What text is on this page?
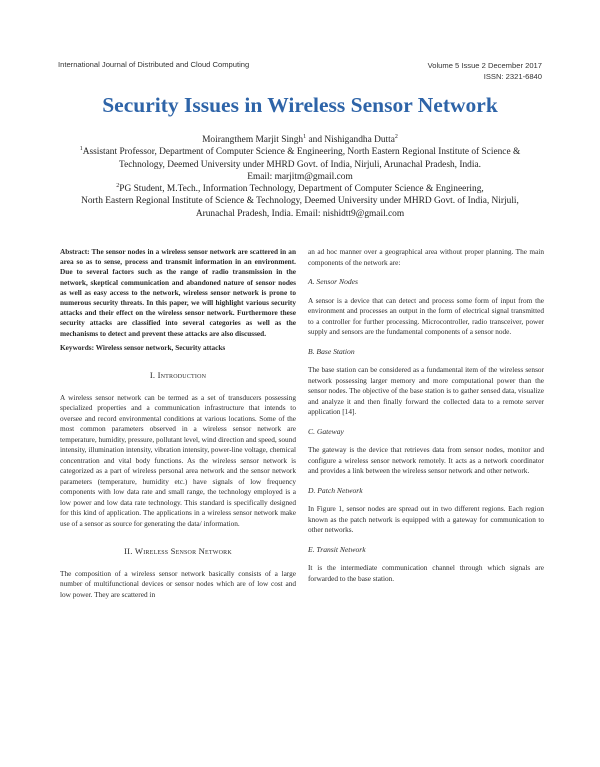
International Journal of Distributed and Cloud Computing	Volume 5 Issue 2 December 2017
ISSN: 2321-6840
Security Issues in Wireless Sensor Network
Moirangthem Marjit Singh$^1$ and Nishigandha Dutta$^2$
$^1$Assistant Professor, Department of Computer Science & Engineering, North Eastern Regional Institute of Science &
Technology, Deemed University under MHRD Govt. of India, Nirjuli, Arunachal Pradesh, India.
Email: marjitm@gmail.com
$^2$PG Student, M.Tech., Information Technology, Department of Computer Science & Engineering,
North Eastern Regional Institute of Science & Technology, Deemed University under MHRD Govt. of India, Nirjuli,
Arunachal Pradesh, India. Email: nishidtt9@gmail.com

Abstract: The sensor nodes in a wireless sensor network are scattered in an area so as to sense, process and transmit information in an environment. Due to several factors such as the range of radio transmission in the network, skeptical communication and abandoned nature of sensor nodes as well as easy access to the network, wireless sensor network is prone to numerous security threats. In this paper, we will highlight various security attacks and their effect on the wireless sensor network. Furthermore these security attacks are classified into several categories as well as the mechanisms to detect and prevent these attacks are also discussed.

Keywords: Wireless sensor network, Security attacks

I. Introduction

A wireless sensor network can be termed as a set of transducers possessing specialized properties and a communication infrastructure that intends to oversee and record environmental conditions at various locations. Some of the most common parameters observed in a wireless sensor network are temperature, humidity, pressure, pollutant level, wind direction and speed, sound intensity, illumination intensity, vibration intensity, power-line voltage, chemical concentration and vital body functions. As the wireless sensor network is categorized as a part of wireless personal area network and the sensor network parameters (temperature, humidity etc.) have signals of low frequency components with low data rate and small range, the technology employed is a low power and low data rate technology. This standard is specifically designed for this kind of application. The applications in a wireless sensor network make use of a sensor as source for generating the data/ information.

II. Wireless Sensor Network

The composition of a wireless sensor network basically consists of a large number of multifunctional devices or sensor nodes which are of low cost and low power. They are scattered in

an ad hoc manner over a geographical area without proper planning. The main components of the network are:

A. Sensor Nodes

A sensor is a device that can detect and process some form of input from the environment and processes an output in the form of electrical signal transmitted to a controller for further processing. Microcontroller, radio transceiver, power supply and sensors are the fundamental components of a sensor node.

B. Base Station

The base station can be considered as a fundamental item of the wireless sensor network possessing larger memory and more computational power than the sensor nodes. The objective of the base station is to gather sensed data, visualize and analyze it and then finally forward the collected data to a remote server application [14].

C. Gateway

The gateway is the device that retrieves data from sensor nodes, monitor and configure a wireless sensor network remotely. It acts as a network coordinator and provides a link between the wireless sensor network and other network.

D. Patch Network

In Figure 1, sensor nodes are spread out in two different regions. Each region known as the patch network is equipped with a gateway for communication to other networks.

E. Transit Network

It is the intermediate communication channel through which signals are forwarded to the base station.
